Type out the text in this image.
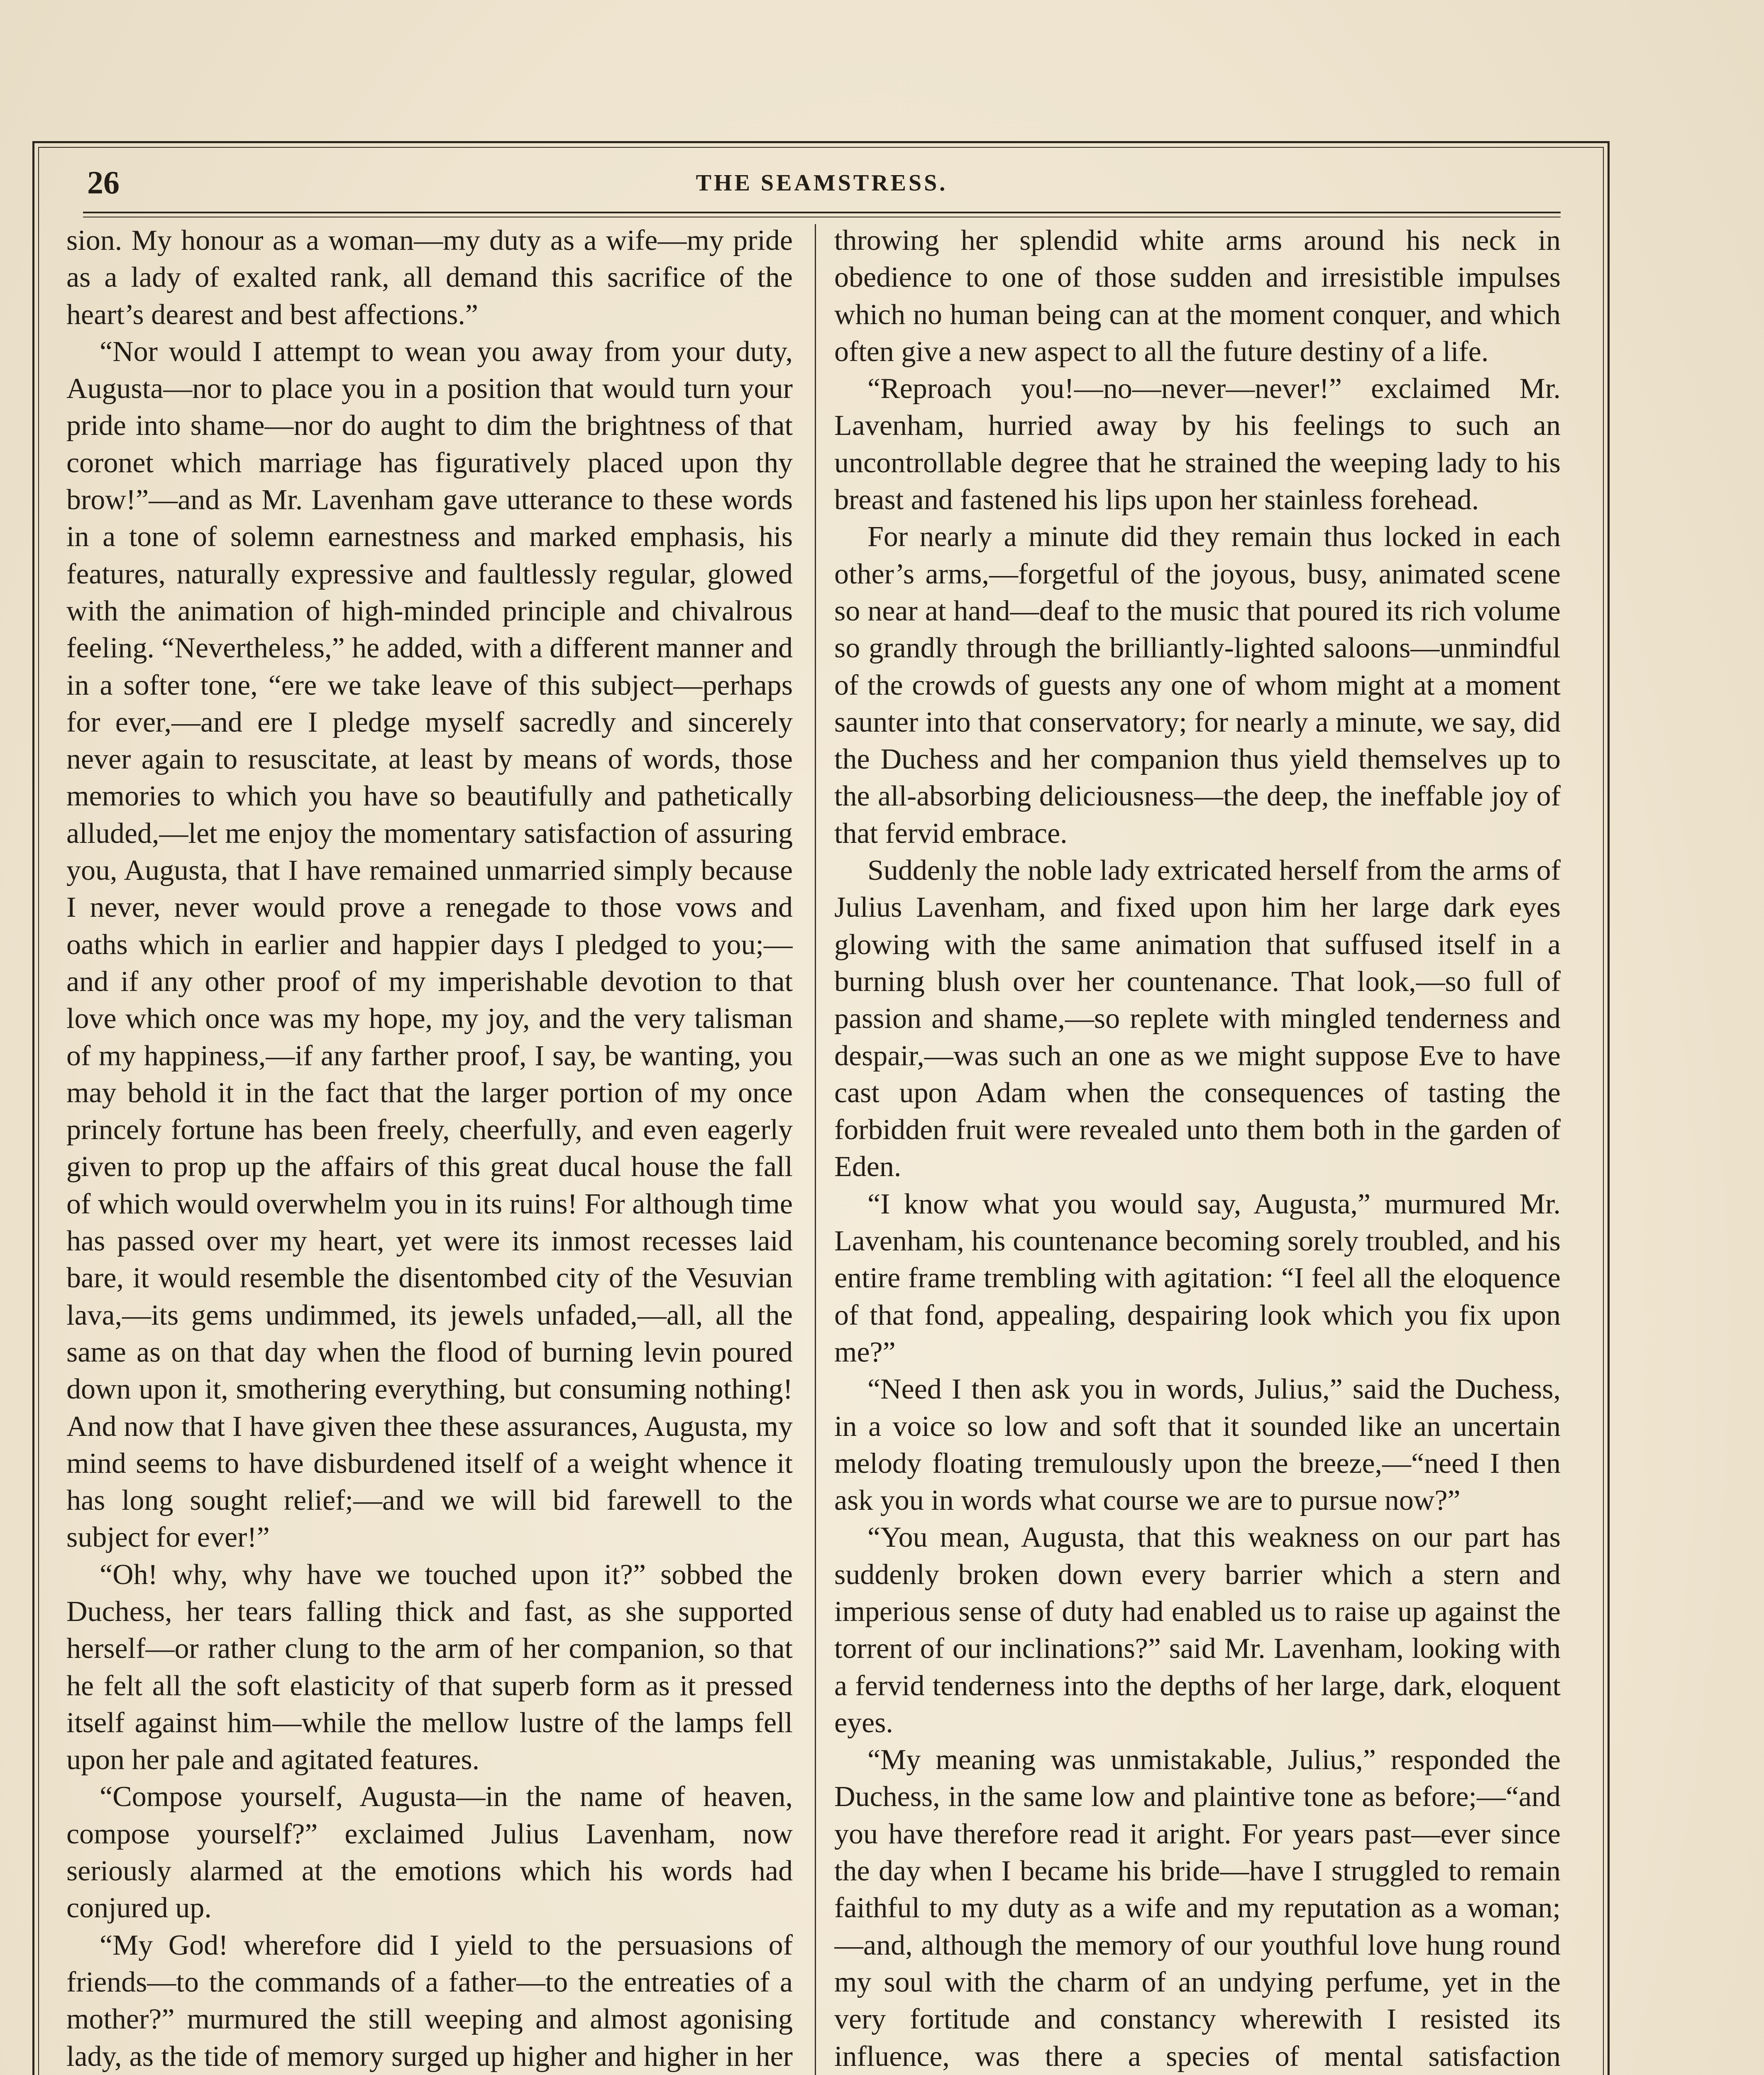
26	THE SEAMSTRESS.

sion. My honour as a woman—my duty as a wife—my pride as a lady of exalted rank, all demand this sacrifice of the heart’s dearest and best affections.”

“Nor would I attempt to wean you away from your duty, Augusta—nor to place you in a position that would turn your pride into shame—nor do aught to dim the brightness of that coronet which marriage has figuratively placed upon thy brow!”—and as Mr. Lavenham gave utterance to these words in a tone of solemn earnestness and marked emphasis, his features, naturally expressive and faultlessly regular, glowed with the animation of high-minded principle and chivalrous feeling. “Nevertheless,” he added, with a different manner and in a softer tone, “ere we take leave of this subject—perhaps for ever,—and ere I pledge myself sacredly and sincerely never again to resuscitate, at least by means of words, those memories to which you have so beautifully and pathetically alluded,—let me enjoy the momentary satisfaction of assuring you, Augusta, that I have remained unmarried simply because I never, never would prove a renegade to those vows and oaths which in earlier and happier days I pledged to you;—and if any other proof of my imperishable devotion to that love which once was my hope, my joy, and the very talisman of my happiness,—if any farther proof, I say, be wanting, you may behold it in the fact that the larger portion of my once princely fortune has been freely, cheerfully, and even eagerly given to prop up the affairs of this great ducal house the fall of which would overwhelm you in its ruins! For although time has passed over my heart, yet were its inmost recesses laid bare, it would resemble the disentombed city of the Vesuvian lava,—its gems undimmed, its jewels unfaded,—all, all the same as on that day when the flood of burning levin poured down upon it, smothering everything, but consuming nothing! And now that I have given thee these assurances, Augusta, my mind seems to have disburdened itself of a weight whence it has long sought relief;—and we will bid farewell to the subject for ever!”

“Oh! why, why have we touched upon it?” sobbed the Duchess, her tears falling thick and fast, as she supported herself—or rather clung to the arm of her companion, so that he felt all the soft elasticity of that superb form as it pressed itself against him—while the mellow lustre of the lamps fell upon her pale and agitated features.

“Compose yourself, Augusta—in the name of heaven, compose yourself?” exclaimed Julius Lavenham, now seriously alarmed at the emotions which his words had conjured up.

“My God! wherefore did I yield to the persuasions of friends—to the commands of a father—to the entreaties of a mother?” murmured the still weeping and almost agonising lady, as the tide of memory surged up higher and higher in her

throwing her splendid white arms around his neck in obedience to one of those sudden and irresistible impulses which no human being can at the moment conquer, and which often give a new aspect to all the future destiny of a life.

“Reproach you!—no—never—never!” exclaimed Mr. Lavenham, hurried away by his feelings to such an uncontrollable degree that he strained the weeping lady to his breast and fastened his lips upon her stainless forehead.

For nearly a minute did they remain thus locked in each other’s arms,—forgetful of the joyous, busy, animated scene so near at hand—deaf to the music that poured its rich volume so grandly through the brilliantly-lighted saloons—unmindful of the crowds of guests any one of whom might at a moment saunter into that conservatory; for nearly a minute, we say, did the Duchess and her companion thus yield themselves up to the all-absorbing deliciousness—the deep, the ineffable joy of that fervid embrace.

Suddenly the noble lady extricated herself from the arms of Julius Lavenham, and fixed upon him her large dark eyes glowing with the same animation that suffused itself in a burning blush over her countenance. That look,—so full of passion and shame,—so replete with mingled tenderness and despair,—was such an one as we might suppose Eve to have cast upon Adam when the consequences of tasting the forbidden fruit were revealed unto them both in the garden of Eden.

“I know what you would say, Augusta,” murmured Mr. Lavenham, his countenance becoming sorely troubled, and his entire frame trembling with agitation: “I feel all the eloquence of that fond, appealing, despairing look which you fix upon me?”

“Need I then ask you in words, Julius,” said the Duchess, in a voice so low and soft that it sounded like an uncertain melody floating tremulously upon the breeze,—“need I then ask you in words what course we are to pursue now?”

“You mean, Augusta, that this weakness on our part has suddenly broken down every barrier which a stern and imperious sense of duty had enabled us to raise up against the torrent of our inclinations?” said Mr. Lavenham, looking with a fervid tenderness into the depths of her large, dark, eloquent eyes.

“My meaning was unmistakable, Julius,” responded the Duchess, in the same low and plaintive tone as before;—“and you have therefore read it aright. For years past—ever since the day when I became his bride—have I struggled to remain faithful to my duty as a wife and my reputation as a woman;—and, although the memory of our youthful love hung round my soul with the charm of an undying perfume, yet in the very fortitude and constancy wherewith I resisted its influence, was there a species of mental satisfaction
